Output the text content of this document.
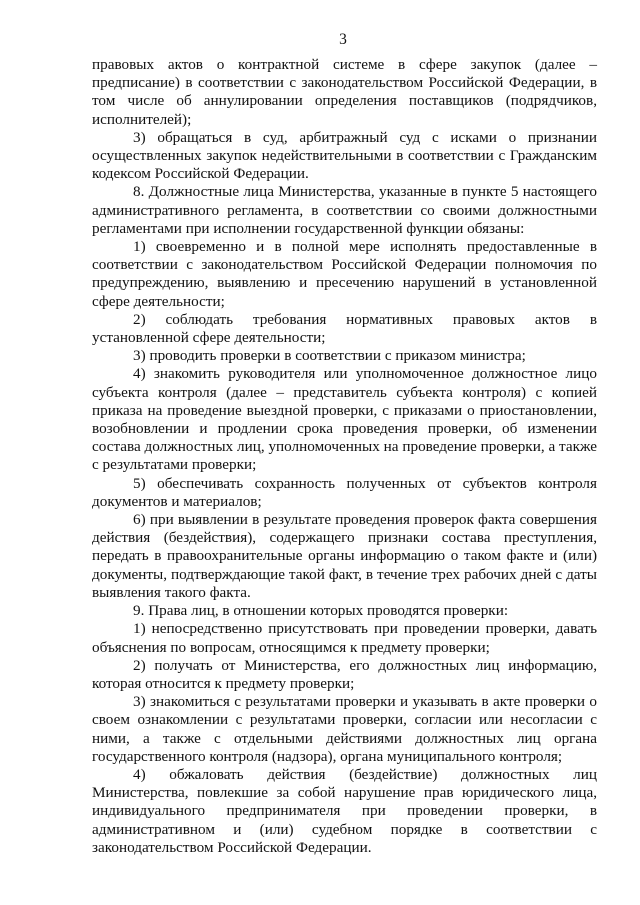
3

правовых актов о контрактной системе в сфере закупок (далее – предписание) в соответствии с законодательством Российской Федерации, в том числе об аннулировании определения поставщиков (подрядчиков, исполнителей);

3) обращаться в суд, арбитражный суд с исками о признании осуществленных закупок недействительными в соответствии с Гражданским кодексом Российской Федерации.

8. Должностные лица Министерства, указанные в пункте 5 настоящего административного регламента, в соответствии со своими должностными регламентами при исполнении государственной функции обязаны:

1) своевременно и в полной мере исполнять предоставленные в соответствии с законодательством Российской Федерации полномочия по предупреждению, выявлению и пресечению нарушений в установленной сфере деятельности;

2) соблюдать требования нормативных правовых актов в установленной сфере деятельности;

3) проводить проверки в соответствии с приказом министра;

4) знакомить руководителя или уполномоченное должностное лицо субъекта контроля (далее – представитель субъекта контроля) с копией приказа на проведение выездной проверки, с приказами о приостановлении, возобновлении и продлении срока проведения проверки, об изменении состава должностных лиц, уполномоченных на проведение проверки, а также с результатами проверки;

5) обеспечивать сохранность полученных от субъектов контроля документов и материалов;

6) при выявлении в результате проведения проверок факта совершения действия (бездействия), содержащего признаки состава преступления, передать в правоохранительные органы информацию о таком факте и (или) документы, подтверждающие такой факт, в течение трех рабочих дней с даты выявления такого факта.

9. Права лиц, в отношении которых проводятся проверки:

1) непосредственно присутствовать при проведении проверки, давать объяснения по вопросам, относящимся к предмету проверки;

2) получать от Министерства, его должностных лиц информацию, которая относится к предмету проверки;

3) знакомиться с результатами проверки и указывать в акте проверки о своем ознакомлении с результатами проверки, согласии или несогласии с ними, а также с отдельными действиями должностных лиц органа государственного контроля (надзора), органа муниципального контроля;

4) обжаловать действия (бездействие) должностных лиц Министерства, повлекшие за собой нарушение прав юридического лица, индивидуального предпринимателя при проведении проверки, в административном и (или) судебном порядке в соответствии с законодательством Российской Федерации.
